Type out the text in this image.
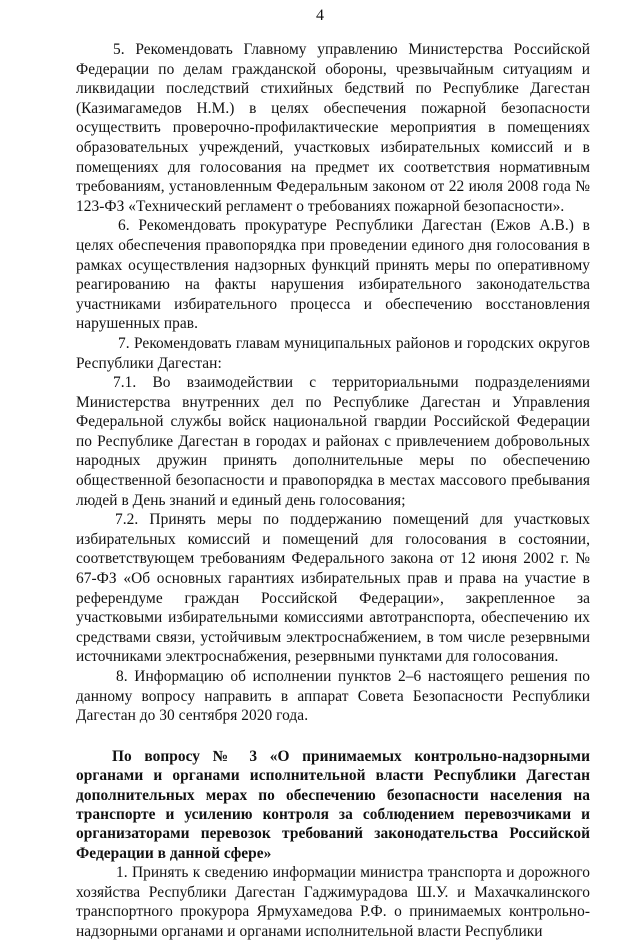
4

5. Рекомендовать Главному управлению Министерства Российской Федерации по делам гражданской обороны, чрезвычайным ситуациям и ликвидации последствий стихийных бедствий по Республике Дагестан (Казимагамедов Н.М.) в целях обеспечения пожарной безопасности осуществить проверочно-профилактические мероприятия в помещениях образовательных учреждений, участковых избирательных комиссий и в помещениях для голосования на предмет их соответствия нормативным требованиям, установленным Федеральным законом от 22 июля 2008 года № 123-ФЗ «Технический регламент о требованиях пожарной безопасности».

6. Рекомендовать прокуратуре Республики Дагестан (Ежов А.В.) в целях обеспечения правопорядка при проведении единого дня голосования в рамках осуществления надзорных функций принять меры по оперативному реагированию на факты нарушения избирательного законодательства участниками избирательного процесса и обеспечению восстановления нарушенных прав.

7. Рекомендовать главам муниципальных районов и городских округов Республики Дагестан:

7.1. Во взаимодействии с территориальными подразделениями Министерства внутренних дел по Республике Дагестан и Управления Федеральной службы войск национальной гвардии Российской Федерации по Республике Дагестан в городах и районах с привлечением добровольных народных дружин принять дополнительные меры по обеспечению общественной безопасности и правопорядка в местах массового пребывания людей в День знаний и единый день голосования;

7.2. Принять меры по поддержанию помещений для участковых избирательных комиссий и помещений для голосования в состоянии, соответствующем требованиям Федерального закона от 12 июня 2002 г. № 67-ФЗ «Об основных гарантиях избирательных прав и права на участие в референдуме граждан Российской Федерации», закрепленное за участковыми избирательными комиссиями автотранспорта, обеспечению их средствами связи, устойчивым электроснабжением, в том числе резервными источниками электроснабжения, резервными пунктами для голосования.

8. Информацию об исполнении пунктов 2–6 настоящего решения по данному вопросу направить в аппарат Совета Безопасности Республики Дагестан до 30 сентября 2020 года.

По вопросу № 3 «О принимаемых контрольно-надзорными органами и органами исполнительной власти Республики Дагестан дополнительных мерах по обеспечению безопасности населения на транспорте и усилению контроля за соблюдением перевозчиками и организаторами перевозок требований законодательства Российской Федерации в данной сфере»

1. Принять к сведению информации министра транспорта и дорожного хозяйства Республики Дагестан Гаджимурадова Ш.У. и Махачкалинского транспортного прокурора Ярмухамедова Р.Ф. о принимаемых контрольно-надзорными органами и органами исполнительной власти Республики
